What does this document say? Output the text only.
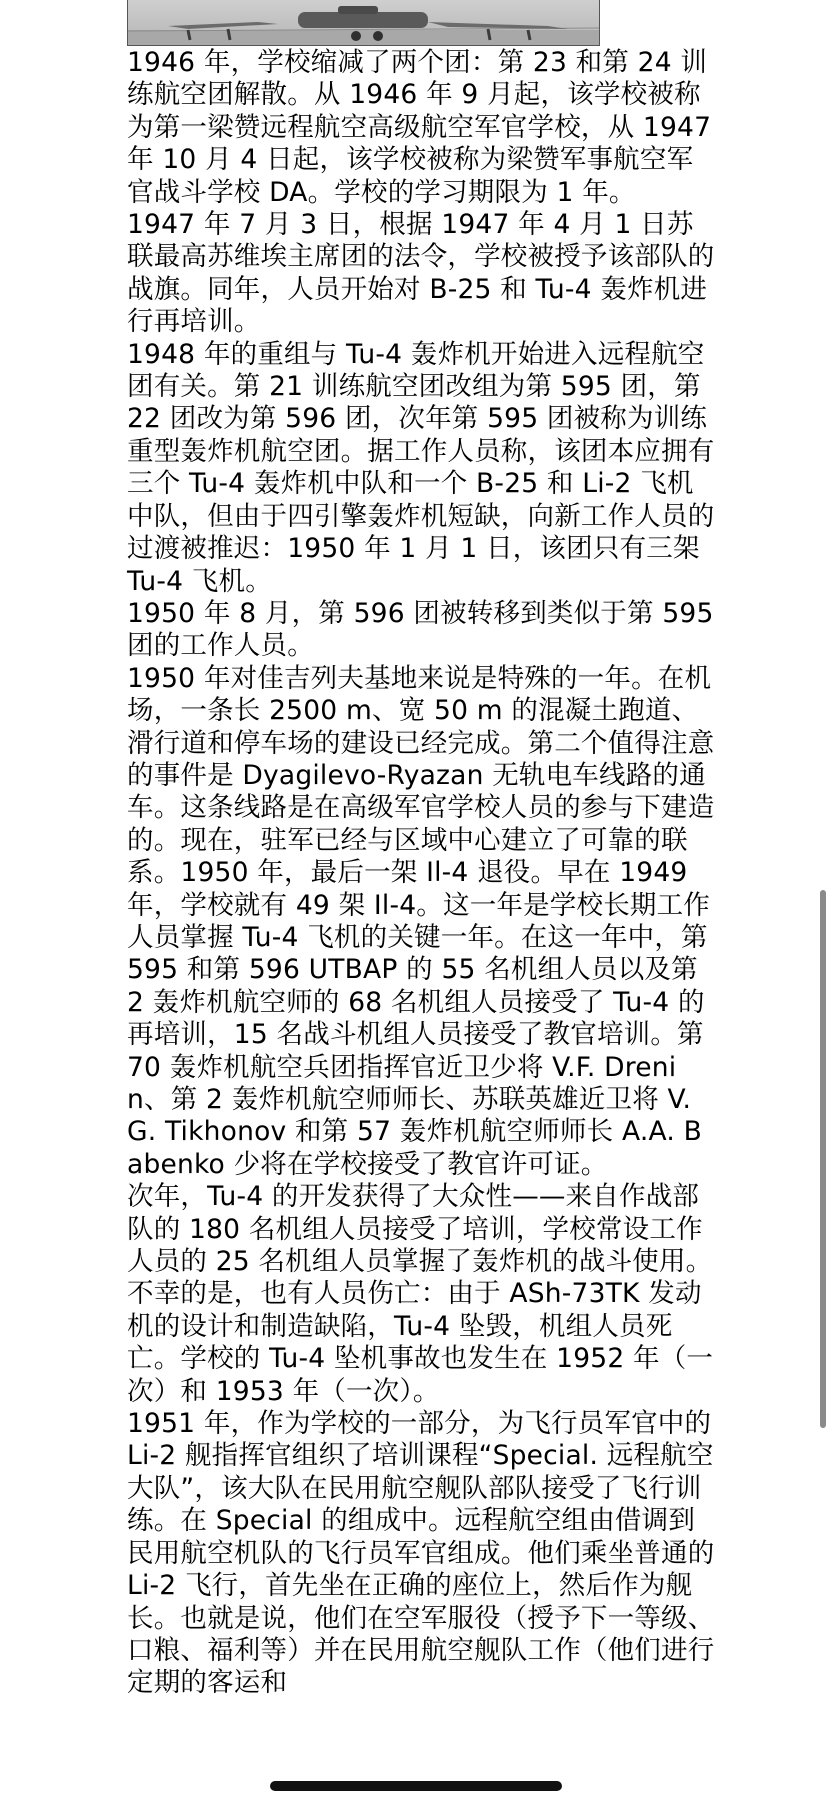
1946 年，学校缩减了两个团：第 23 和第 24 训练航空团解散。从 1946 年 9 月起，该学校被称为第一梁赞远程航空高级航空军官学校，从 1947 年 10 月 4 日起，该学校被称为梁赞军事航空军官战斗学校 DA。学校的学习期限为 1 年。

1947 年 7 月 3 日，根据 1947 年 4 月 1 日苏联最高苏维埃主席团的法令，学校被授予该部队的战旗。同年，人员开始对 B-25 和 Tu-4 轰炸机进行再培训。

1948 年的重组与 Tu-4 轰炸机开始进入远程航空团有关。第 21 训练航空团改组为第 595 团，第 22 团改为第 596 团，次年第 595 团被称为训练重型轰炸机航空团。据工作人员称，该团本应拥有三个 Tu-4 轰炸机中队和一个 B-25 和 Li-2 飞机中队，但由于四引擎轰炸机短缺，向新工作人员的过渡被推迟：1950 年 1 月 1 日，该团只有三架 Tu-4 飞机。

1950 年 8 月，第 596 团被转移到类似于第 595 团的工作人员。

1950 年对佳吉列夫基地来说是特殊的一年。在机场，一条长 2500 m、宽 50 m 的混凝土跑道、滑行道和停车场的建设已经完成。第二个值得注意的事件是 Dyagilevo-Ryazan 无轨电车线路的通车。这条线路是在高级军官学校人员的参与下建造的。现在，驻军已经与区域中心建立了可靠的联系。1950 年，最后一架 Il-4 退役。早在 1949 年，学校就有 49 架 Il-4。这一年是学校长期工作人员掌握 Tu-4 飞机的关键一年。在这一年中，第 595 和第 596 UTBAP 的 55 名机组人员以及第 2 轰炸机航空师的 68 名机组人员接受了 Tu-4 的再培训，15 名战斗机组人员接受了教官培训。第 70 轰炸机航空兵团指挥官近卫少将 V.F. Drenin、第 2 轰炸机航空师师长、苏联英雄近卫将 V.G. Tikhonov 和第 57 轰炸机航空师师长 A.A. Babenko 少将在学校接受了教官许可证。

次年，Tu-4 的开发获得了大众性——来自作战部队的 180 名机组人员接受了培训，学校常设工作人员的 25 名机组人员掌握了轰炸机的战斗使用。不幸的是，也有人员伤亡：由于 ASh-73TK 发动机的设计和制造缺陷，Tu-4 坠毁，机组人员死亡。学校的 Tu-4 坠机事故也发生在 1952 年（一次）和 1953 年（一次）。

1951 年，作为学校的一部分，为飞行员军官中的 Li-2 舰指挥官组织了培训课程“Special. 远程航空大队”，该大队在民用航空舰队部队接受了飞行训练。在 Special 的组成中。远程航空组由借调到民用航空机队的飞行员军官组成。他们乘坐普通的 Li-2 飞行，首先坐在正确的座位上，然后作为舰长。也就是说，他们在空军服役（授予下一等级、口粮、福利等）并在民用航空舰队工作（他们进行定期的客运和
